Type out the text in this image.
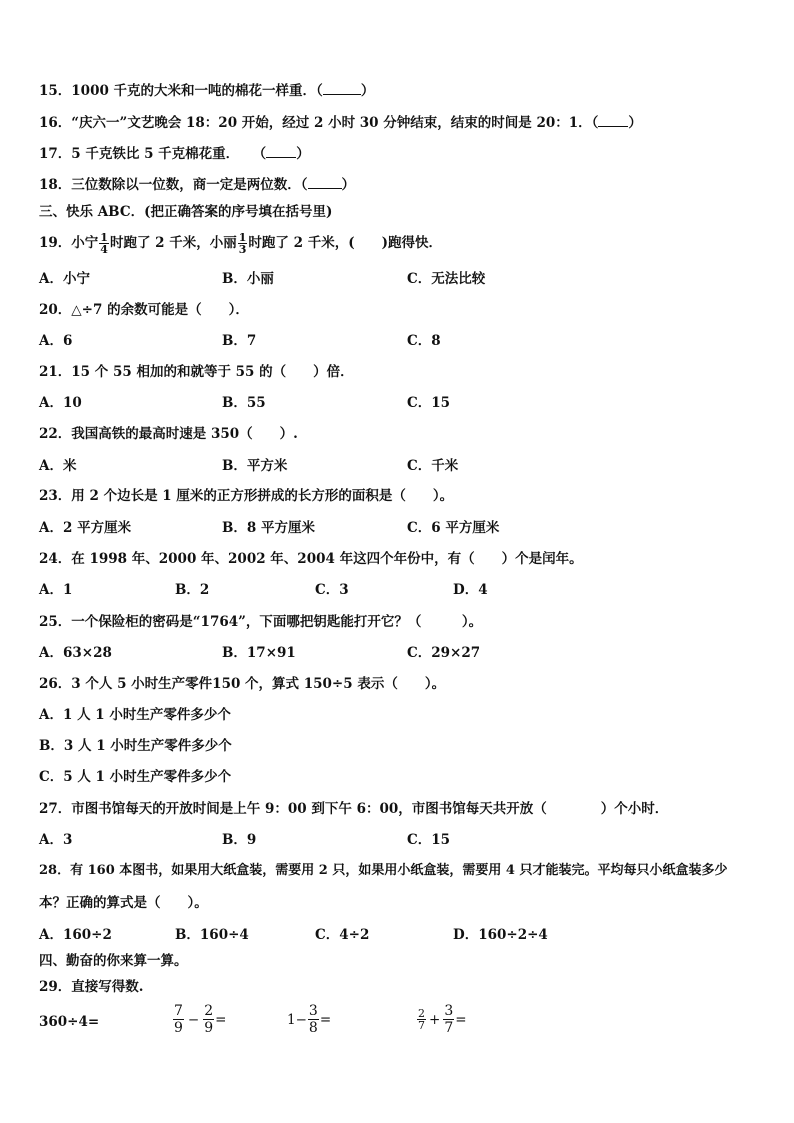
15．1000 千克的大米和一吨的棉花一样重．（	）
16．“庆六一”文艺晚会 18：20 开始，经过 2 小时 30 分钟结束，结束的时间是 20：1．（ ）
17．5 千克铁比 5 千克棉花重．　　（ ）
18．三位数除以一位数，商一定是两位数．（	）
三、快乐 ABC．(把正确答案的序号填在括号里)
19．小宁 $\frac{1}{4}$ 时跑了 2 千米，小丽 $\frac{1}{3}$ 时跑了 2 千米，(　　)跑得快．
A．小宁	B．小丽	C．无法比较
20．△÷7 的余数可能是（　　）．
A．6	B．7	C．8
21．15 个 55 相加的和就等于 55 的（　　）倍．
A．10	B．55	C．15
22．我国高铁的最高时速是 350（　　）.
A．米	B．平方米	C．千米
23．用 2 个边长是 1 厘米的正方形拼成的长方形的面积是（　　）。
A．2 平方厘米	B．8 平方厘米	C．6 平方厘米
24．在 1998 年、2000 年、2002 年、2004 年这四个年份中，有（　　）个是闰年。
A．1	B．2	C．3	D．4
25．一个保险柜的密码是“1764”，下面哪把钥匙能打开它？（　　　）。
A．63×28	B．17×91	C．29×27
26．3 个人 5 小时生产零件150 个，算式 150÷5 表示（　　）。
A．1 人 1 小时生产零件多少个
B．3 人 1 小时生产零件多少个
C．5 人 1 小时生产零件多少个
27．市图书馆每天的开放时间是上午 9：00 到下午 6：00，市图书馆每天共开放（　　　　）个小时．
A．3	B．9	C．15
28．有 160 本图书，如果用大纸盒装，需要用 2 只，如果用小纸盒装，需要用 4 只才能装完。平均每只小纸盒装多少
本？正确的算式是（　　）。
A．160÷2	B．160÷4	C．4÷2	D．160÷2÷4
四、勤奋的你来算一算。
29．直接写得数.
360÷4=	$\frac{7}{9} - \frac{2}{9}$ =	$1- \frac{3}{8}$ =	$\frac{2}{7} + \frac{3}{7}$ =
